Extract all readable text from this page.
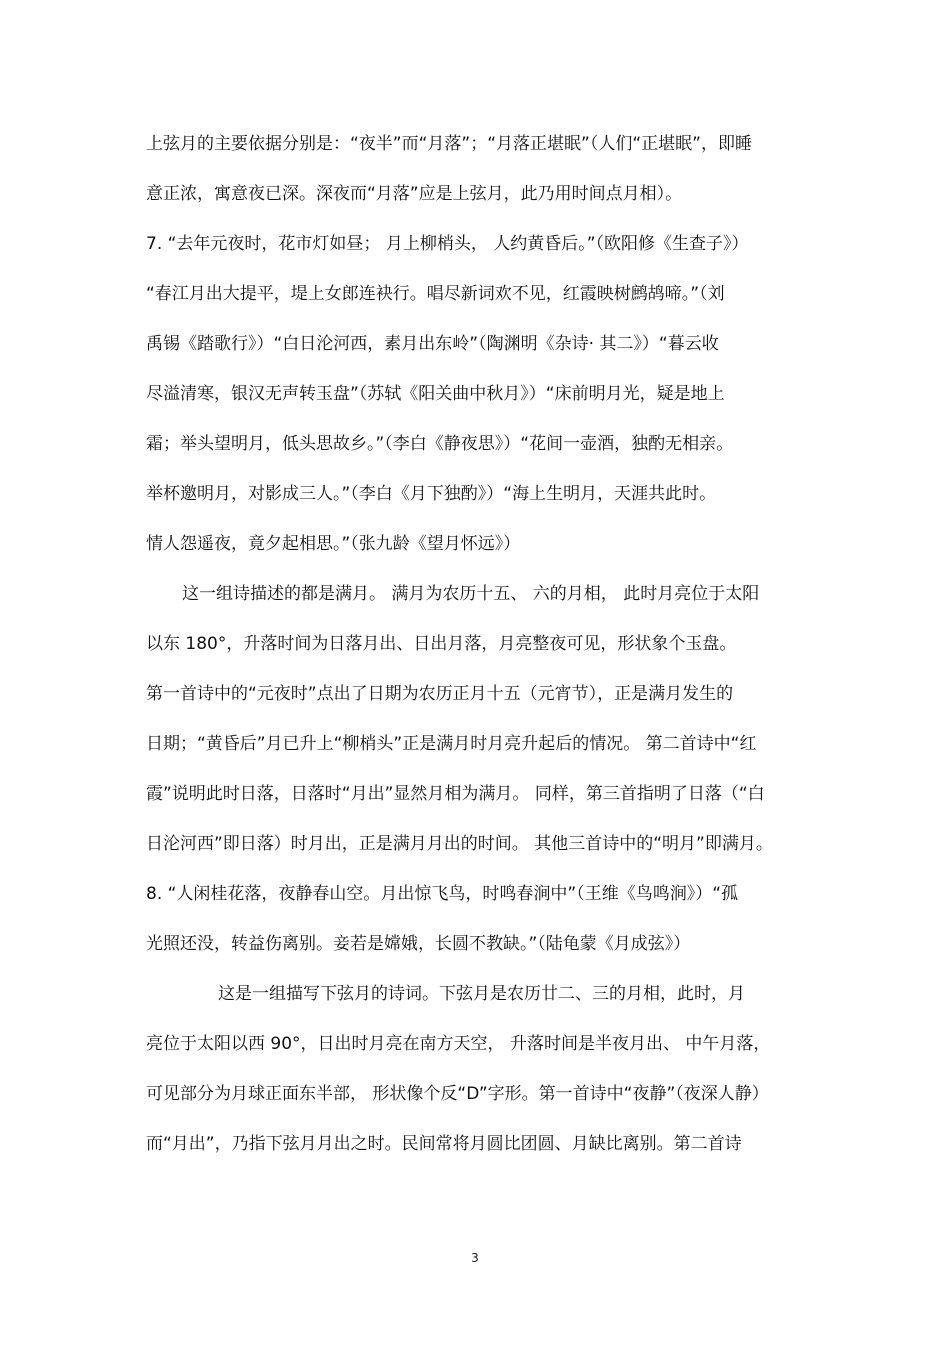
上弦月的主要依据分别是：“夜半”而“月落”；“月落正堪眠”（人们“正堪眠”，即睡
意正浓，寓意夜已深。深夜而“月落”应是上弦月，此乃用时间点月相）。
7. “去年元夜时，花市灯如昼； 月上柳梢头， 人约黄昏后。”（欧阳修《生查子》）
“春江月出大提平，堤上女郎连袂行。唱尽新词欢不见，红霞映树鹧鸪啼。”（刘
禹锡《踏歌行》）“白日沦河西，素月出东岭”（陶渊明《杂诗· 其二》）“暮云收
尽溢清寒，银汉无声转玉盘”（苏轼《阳关曲中秋月》）“床前明月光，疑是地上
霜；举头望明月，低头思故乡。”（李白《静夜思》）“花间一壶酒，独酌无相亲。
举杯邀明月，对影成三人。”（李白《月下独酌》）“海上生明月，天涯共此时。
情人怨遥夜，竟夕起相思。”（张九龄《望月怀远》）
这一组诗描述的都是满月。 满月为农历十五、 六的月相， 此时月亮位于太阳
以东 180°，升落时间为日落月出、日出月落，月亮整夜可见，形状象个玉盘。
第一首诗中的“元夜时”点出了日期为农历正月十五（元宵节），正是满月发生的
日期；“黄昏后”月已升上“柳梢头”正是满月时月亮升起后的情况。 第二首诗中“红
霞”说明此时日落，日落时“月出”显然月相为满月。 同样，第三首指明了日落（“白
日沦河西”即日落）时月出，正是满月月出的时间。 其他三首诗中的“明月”即满月。
8. “人闲桂花落，夜静春山空。月出惊飞鸟，时鸣春涧中”（王维《鸟鸣涧》）“孤
光照还没，转益伤离别。妾若是嫦娥，长圆不教缺。”（陆龟蒙《月成弦》）
这是一组描写下弦月的诗词。下弦月是农历廿二、三的月相，此时，月
亮位于太阳以西 90°，日出时月亮在南方天空， 升落时间是半夜月出、 中午月落，
可见部分为月球正面东半部， 形状像个反“D”字形。第一首诗中“夜静”（夜深人静）
而“月出”，乃指下弦月月出之时。民间常将月圆比团圆、月缺比离别。第二首诗
3
